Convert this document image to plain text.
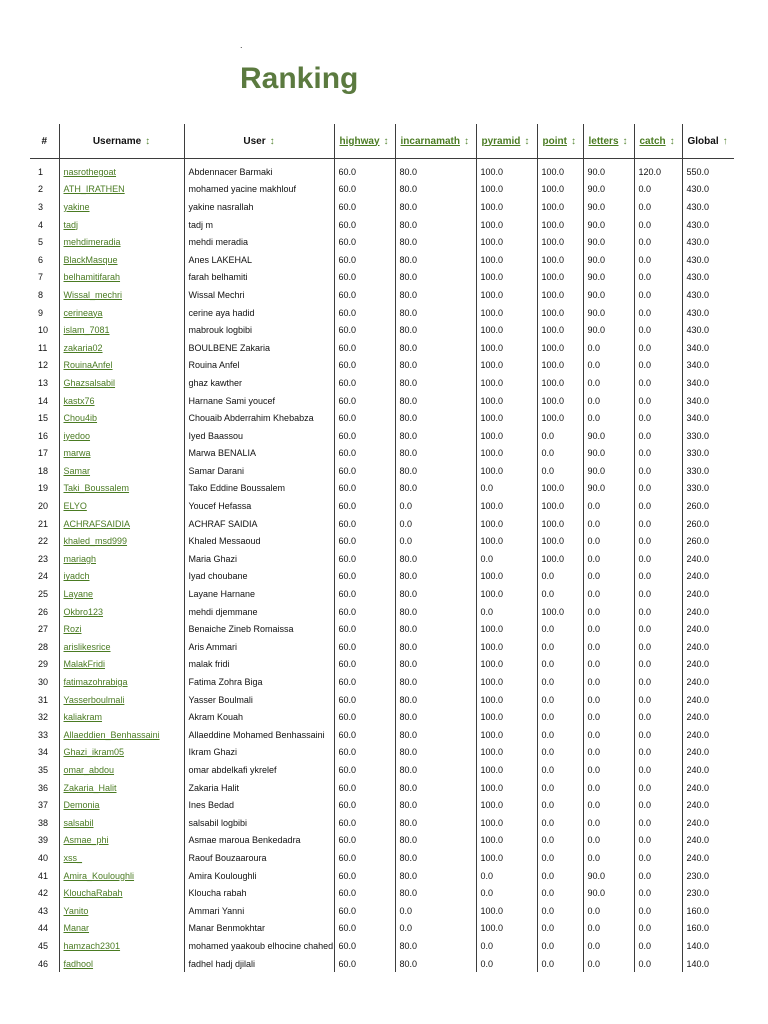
.
Ranking
#	Username ↕	User ↕	highway ↕	incarnamath ↕	pyramid ↕	point ↕	letters ↕	catch ↕	Global ↑

1	nasrothegoat	Abdennacer Barmaki	60.0	80.0	100.0	100.0	90.0	120.0	550.0
2	ATH_IRATHEN	mohamed yacine makhlouf	60.0	80.0	100.0	100.0	90.0	0.0	430.0
3	yakine	yakine nasrallah	60.0	80.0	100.0	100.0	90.0	0.0	430.0
4	tadj	tadj m	60.0	80.0	100.0	100.0	90.0	0.0	430.0
5	mehdimeradia	mehdi meradia	60.0	80.0	100.0	100.0	90.0	0.0	430.0
6	BlackMasque	Anes LAKEHAL	60.0	80.0	100.0	100.0	90.0	0.0	430.0
7	belhamitifarah	farah belhamiti	60.0	80.0	100.0	100.0	90.0	0.0	430.0
8	Wissal_mechri	Wissal Mechri	60.0	80.0	100.0	100.0	90.0	0.0	430.0
9	cerineaya	cerine aya hadid	60.0	80.0	100.0	100.0	90.0	0.0	430.0
10	islam_7081	mabrouk logbibi	60.0	80.0	100.0	100.0	90.0	0.0	430.0
11	zakaria02	BOULBENE Zakaria	60.0	80.0	100.0	100.0	0.0	0.0	340.0
12	RouinaAnfel	Rouina Anfel	60.0	80.0	100.0	100.0	0.0	0.0	340.0
13	Ghazsalsabil	ghaz kawther	60.0	80.0	100.0	100.0	0.0	0.0	340.0
14	kastx76	Harnane Sami youcef	60.0	80.0	100.0	100.0	0.0	0.0	340.0
15	Chou4ib	Chouaib Abderrahim Khebabza	60.0	80.0	100.0	100.0	0.0	0.0	340.0
16	iyedoo	Iyed Baassou	60.0	80.0	100.0	0.0	90.0	0.0	330.0
17	marwa	Marwa BENALIA	60.0	80.0	100.0	0.0	90.0	0.0	330.0
18	Samar	Samar Darani	60.0	80.0	100.0	0.0	90.0	0.0	330.0
19	Taki_Boussalem	Tako Eddine Boussalem	60.0	80.0	0.0	100.0	90.0	0.0	330.0
20	ELYO	Youcef Hefassa	60.0	0.0	100.0	100.0	0.0	0.0	260.0
21	ACHRAFSAIDIA	ACHRAF SAIDIA	60.0	0.0	100.0	100.0	0.0	0.0	260.0
22	khaled_msd999	Khaled Messaoud	60.0	0.0	100.0	100.0	0.0	0.0	260.0
23	mariagh	Maria Ghazi	60.0	80.0	0.0	100.0	0.0	0.0	240.0
24	iyadch	Iyad choubane	60.0	80.0	100.0	0.0	0.0	0.0	240.0
25	Layane	Layane Harnane	60.0	80.0	100.0	0.0	0.0	0.0	240.0
26	Okbro123	mehdi djemmane	60.0	80.0	0.0	100.0	0.0	0.0	240.0
27	Rozi	Benaiche Zineb Romaissa	60.0	80.0	100.0	0.0	0.0	0.0	240.0
28	arislikesrice	Aris Ammari	60.0	80.0	100.0	0.0	0.0	0.0	240.0
29	MalakFridi	malak fridi	60.0	80.0	100.0	0.0	0.0	0.0	240.0
30	fatimazohrabiga	Fatima Zohra Biga	60.0	80.0	100.0	0.0	0.0	0.0	240.0
31	Yasserboulmali	Yasser Boulmali	60.0	80.0	100.0	0.0	0.0	0.0	240.0
32	kaliakram	Akram Kouah	60.0	80.0	100.0	0.0	0.0	0.0	240.0
33	Allaeddien_Benhassaini	Allaeddine Mohamed Benhassaini	60.0	80.0	100.0	0.0	0.0	0.0	240.0
34	Ghazi_ikram05	Ikram Ghazi	60.0	80.0	100.0	0.0	0.0	0.0	240.0
35	omar_abdou	omar abdelkafi ykrelef	60.0	80.0	100.0	0.0	0.0	0.0	240.0
36	Zakaria_Halit	Zakaria Halit	60.0	80.0	100.0	0.0	0.0	0.0	240.0
37	Demonia	Ines Bedad	60.0	80.0	100.0	0.0	0.0	0.0	240.0
38	salsabil	salsabil logbibi	60.0	80.0	100.0	0.0	0.0	0.0	240.0
39	Asmae_phi	Asmae maroua Benkedadra	60.0	80.0	100.0	0.0	0.0	0.0	240.0
40	xss_	Raouf Bouzaaroura	60.0	80.0	100.0	0.0	0.0	0.0	240.0
41	Amira_Kouloughli	Amira Kouloughli	60.0	80.0	0.0	0.0	90.0	0.0	230.0
42	KlouchaRabah	Kloucha rabah	60.0	80.0	0.0	0.0	90.0	0.0	230.0
43	Yanito	Ammari Yanni	60.0	0.0	100.0	0.0	0.0	0.0	160.0
44	Manar	Manar Benmokhtar	60.0	0.0	100.0	0.0	0.0	0.0	160.0
45	hamzach2301	mohamed yaakoub elhocine chahed	60.0	80.0	0.0	0.0	0.0	0.0	140.0
46	fadhool	fadhel hadj djilali	60.0	80.0	0.0	0.0	0.0	0.0	140.0
